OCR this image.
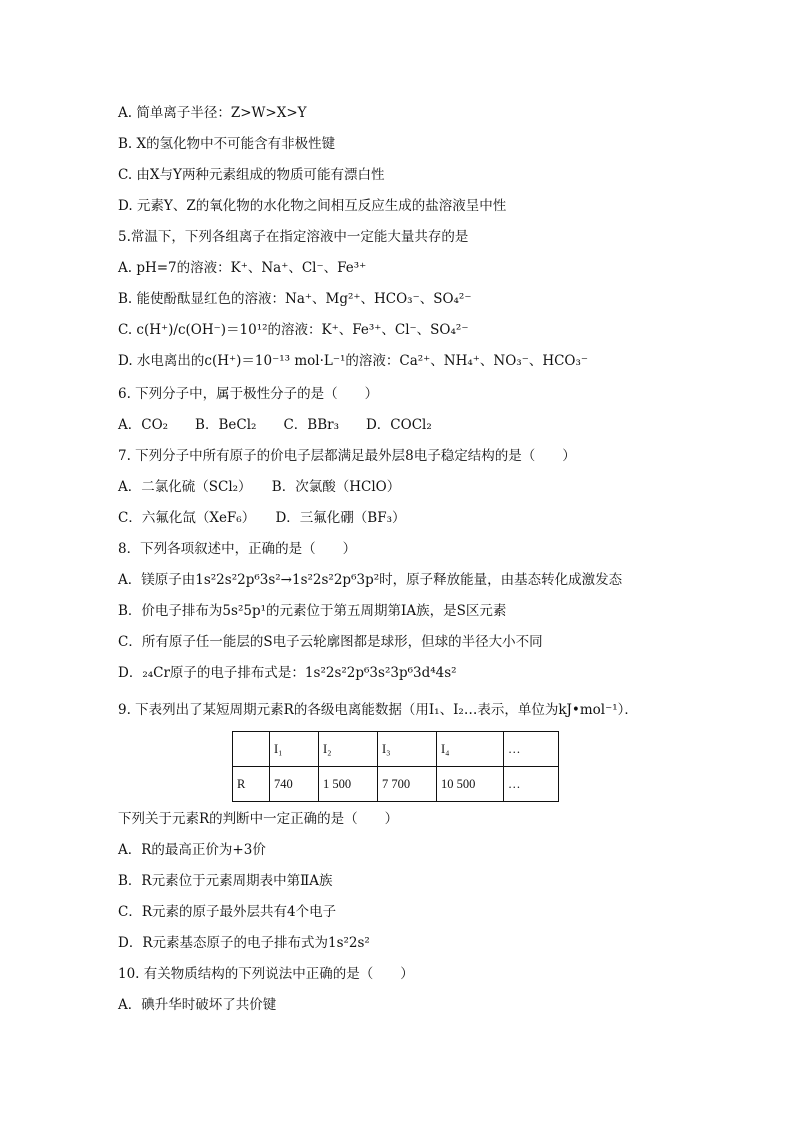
A. 简单离子半径：Z>W>X>Y
B. X的氢化物中不可能含有非极性键
C. 由X与Y两种元素组成的物质可能有漂白性
D. 元素Y、Z的氧化物的水化物之间相互反应生成的盐溶液呈中性
5.常温下，下列各组离子在指定溶液中一定能大量共存的是
A. pH=7的溶液：K⁺、Na⁺、Cl⁻、Fe³⁺
B. 能使酚酞显红色的溶液：Na⁺、Mg²⁺、HCO₃⁻、SO₄²⁻
C. c(H⁺)/c(OH⁻)＝10¹²的溶液：K⁺、Fe³⁺、Cl⁻、SO₄²⁻
D. 水电离出的c(H⁺)＝10⁻¹³ mol·L⁻¹的溶液：Ca²⁺、NH₄⁺、NO₃⁻、HCO₃⁻
6. 下列分子中，属于极性分子的是（　　）
A．CO₂　　B．BeCl₂　　C．BBr₃　　D．COCl₂
7. 下列分子中所有原子的价电子层都满足最外层8电子稳定结构的是（　　）
A．二氯化硫（SCl₂）　　B．次氯酸（HClO）
C．六氟化氙（XeF₆）　　D．三氟化硼（BF₃）
8．下列各项叙述中，正确的是（　　）
A．镁原子由1s²2s²2p⁶3s²→1s²2s²2p⁶3p²时，原子释放能量，由基态转化成激发态
B．价电子排布为5s²5p¹的元素位于第五周期第ⅠA族，是S区元素
C．所有原子任一能层的S电子云轮廓图都是球形，但球的半径大小不同
D．₂₄Cr原子的电子排布式是：1s²2s²2p⁶3s²3p⁶3d⁴4s²
9. 下表列出了某短周期元素R的各级电离能数据（用I₁、I₂…表示，单位为kJ•mol⁻¹）．
	I₁	I₂	I₃	I₄	…
R	740	1 500	7 700	10 500	…
下列关于元素R的判断中一定正确的是（　　）
A．R的最高正价为+3价
B．R元素位于元素周期表中第ⅡA族
C．R元素的原子最外层共有4个电子
D．R元素基态原子的电子排布式为1s²2s²
10. 有关物质结构的下列说法中正确的是（　　）
A．碘升华时破坏了共价键
